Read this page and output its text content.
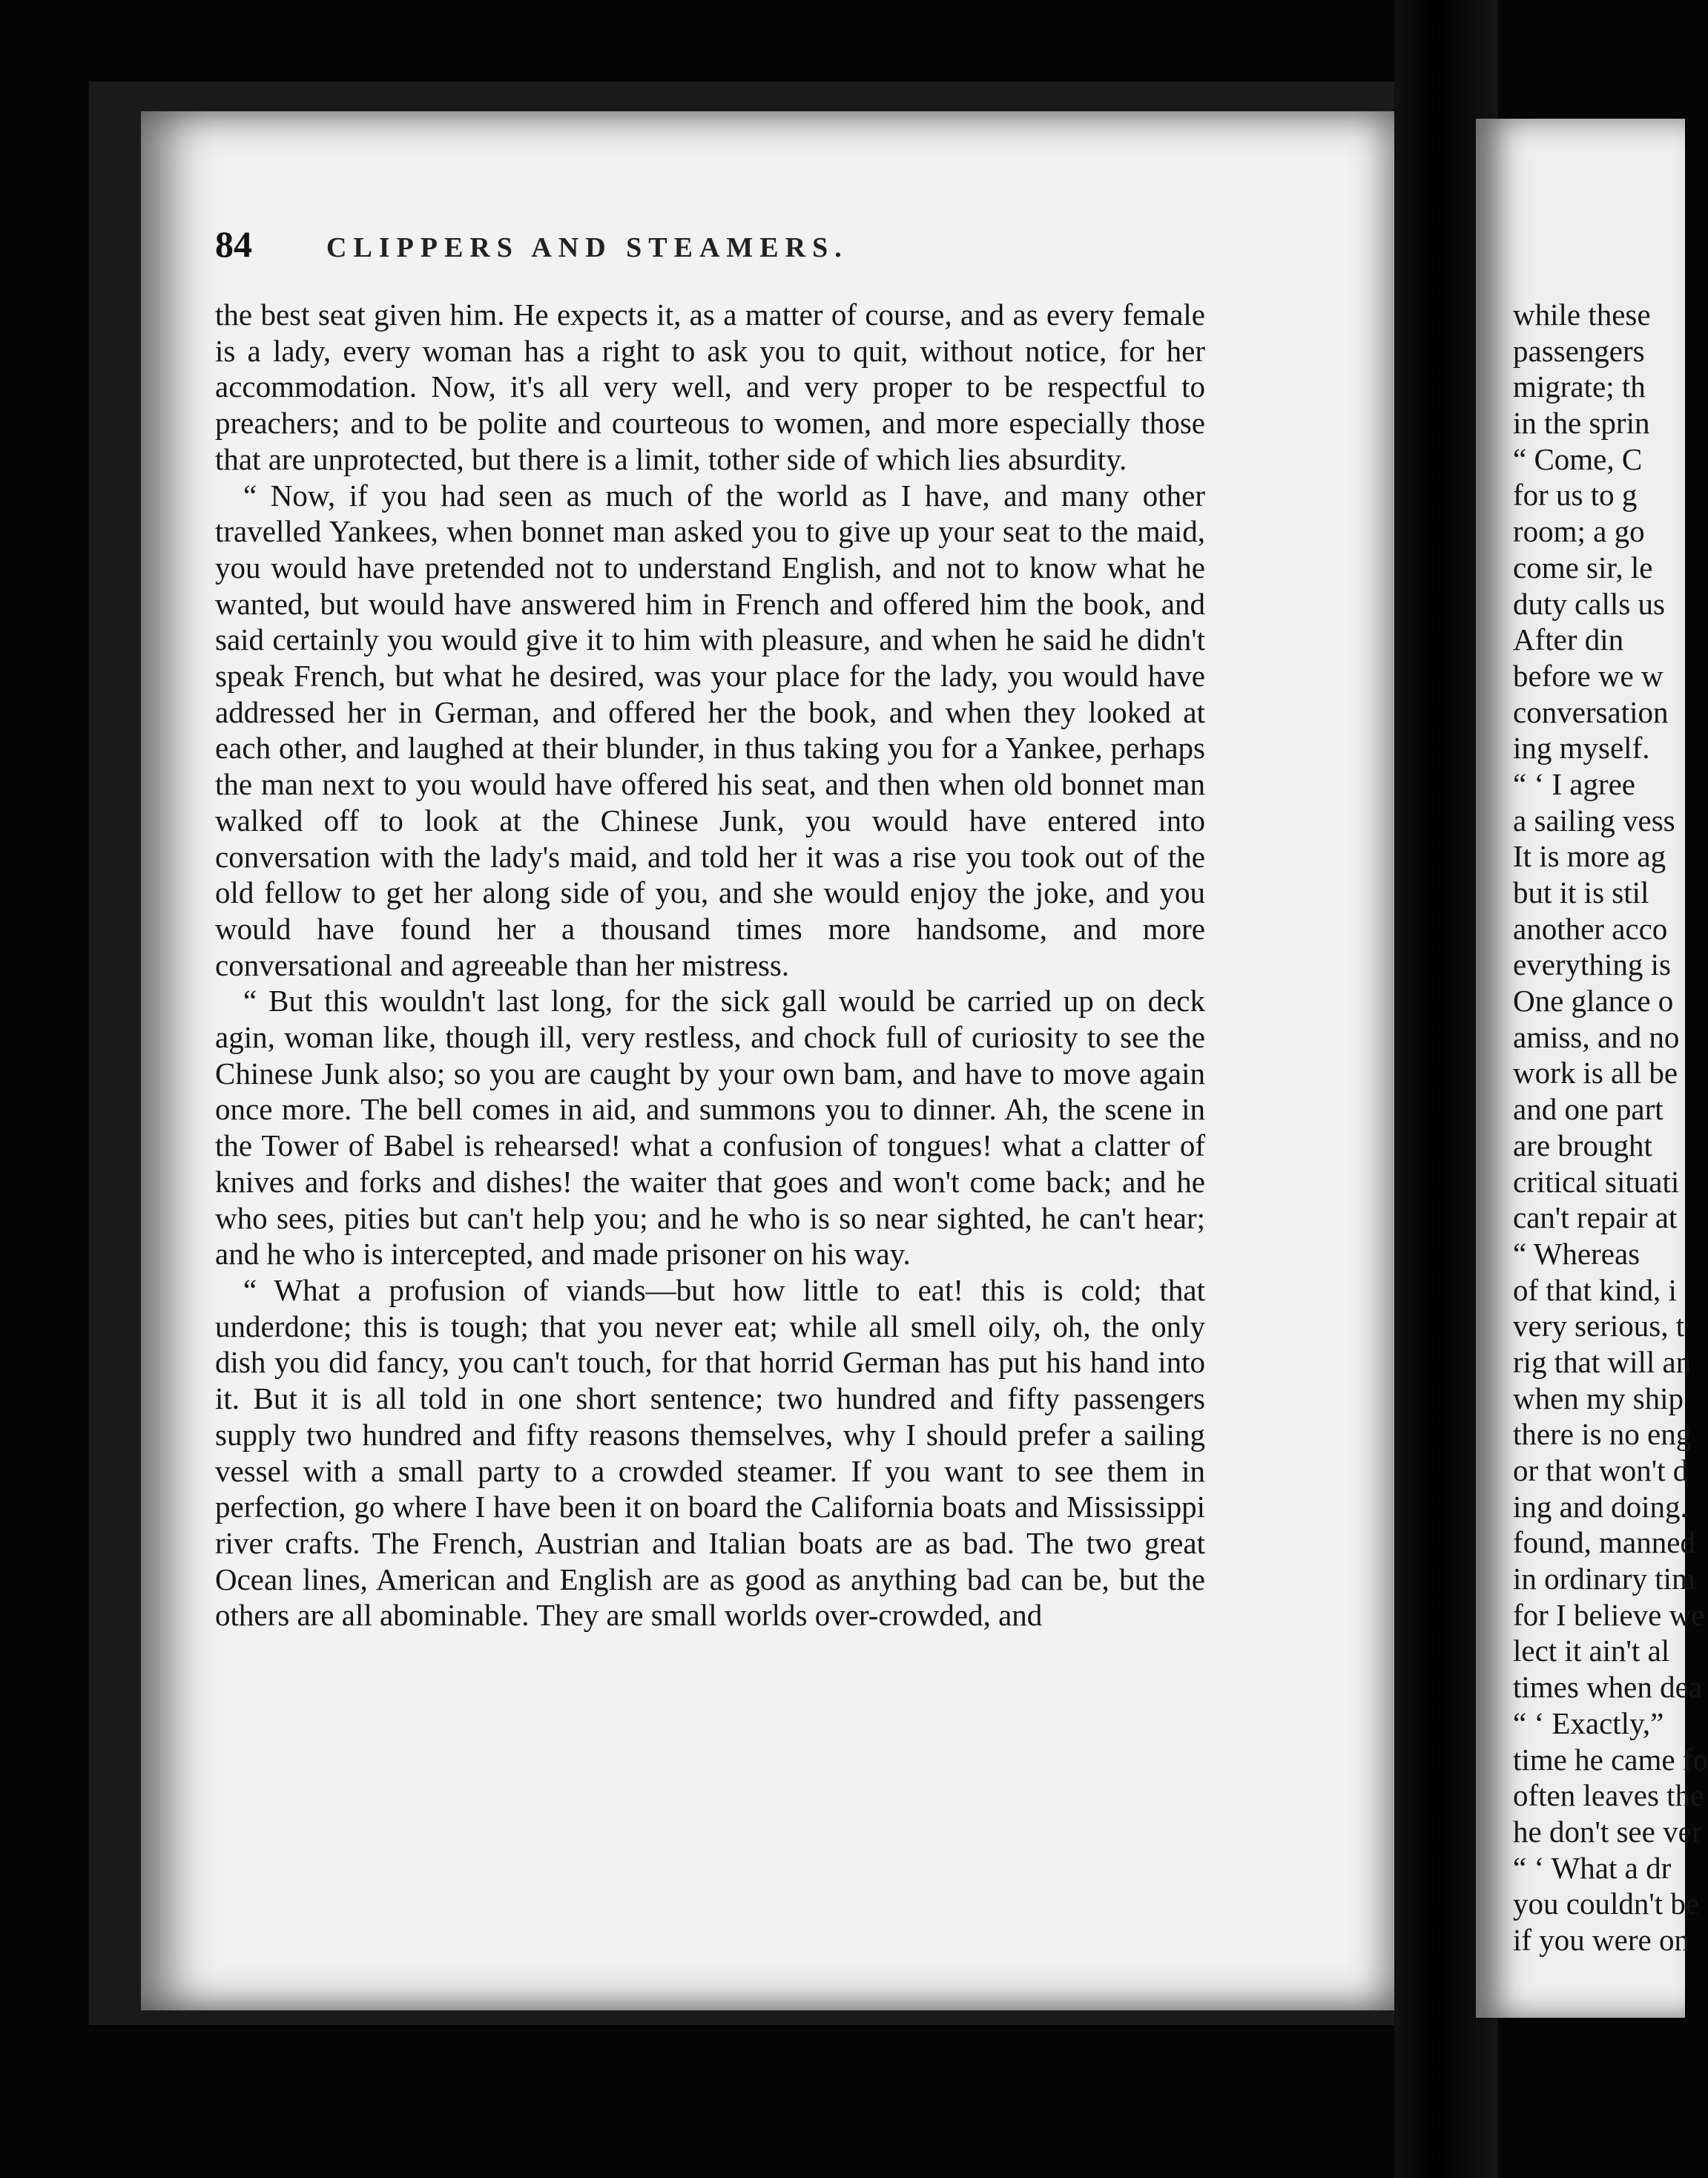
84	CLIPPERS AND STEAMERS.

the best seat given him. He expects it, as a matter of course, and as every female is a lady, every woman has a right to ask you to quit, without notice, for her accommodation. Now, it's all very well, and very proper to be respectful to preachers; and to be polite and courteous to women, and more especially those that are unprotected, but there is a limit, tother side of which lies absurdity.

“ Now, if you had seen as much of the world as I have, and many other travelled Yankees, when bonnet man asked you to give up your seat to the maid, you would have pretended not to understand English, and not to know what he wanted, but would have answered him in French and offered him the book, and said certainly you would give it to him with pleasure, and when he said he didn't speak French, but what he desired, was your place for the lady, you would have addressed her in German, and offered her the book, and when they looked at each other, and laughed at their blunder, in thus taking you for a Yankee, perhaps the man next to you would have offered his seat, and then when old bonnet man walked off to look at the Chinese Junk, you would have entered into conversation with the lady's maid, and told her it was a rise you took out of the old fellow to get her along side of you, and she would enjoy the joke, and you would have found her a thousand times more handsome, and more conversational and agreeable than her mistress.

“ But this wouldn't last long, for the sick gall would be carried up on deck agin, woman like, though ill, very restless, and chock full of curiosity to see the Chinese Junk also; so you are caught by your own bam, and have to move again once more. The bell comes in aid, and summons you to dinner. Ah, the scene in the Tower of Babel is rehearsed! what a confusion of tongues! what a clatter of knives and forks and dishes! the waiter that goes and won't come back; and he who sees, pities but can't help you; and he who is so near sighted, he can't hear; and he who is intercepted, and made prisoner on his way.

“ What a profusion of viands—but how little to eat! this is cold; that underdone; this is tough; that you never eat; while all smell oily, oh, the only dish you did fancy, you can't touch, for that horrid German has put his hand into it. But it is all told in one short sentence; two hundred and fifty passengers supply two hundred and fifty reasons themselves, why I should prefer a sailing vessel with a small party to a crowded steamer. If you want to see them in perfection, go where I have been it on board the California boats and Mississippi river crafts. The French, Austrian and Italian boats are as bad. The two great Ocean lines, American and English are as good as anything bad can be, but the others are all abominable. They are small worlds over-crowded, and

while these
passengers
migrate; th
in the sprin
“ Come, C
for us to g
room; a go
come sir, le
duty calls us
After din
before we w
conversation
ing myself.
“ ‘ I agree
a sailing vess
It is more ag
but it is stil
another acco
everything is
One glance o
amiss, and no
work is all be
and one part
are brought
critical situati
can't repair at
“ Whereas
of that kind, i
very serious, t
rig that will an
when my ship
there is no eng
or that won't d
ing and doing.
found, manned
in ordinary tim
for I believe we
lect it ain't al
times when dea
“ ‘ Exactly,”
time he came fo
often leaves the
he don't see ver
“ ‘ What a dr
you couldn't be
if you were on
